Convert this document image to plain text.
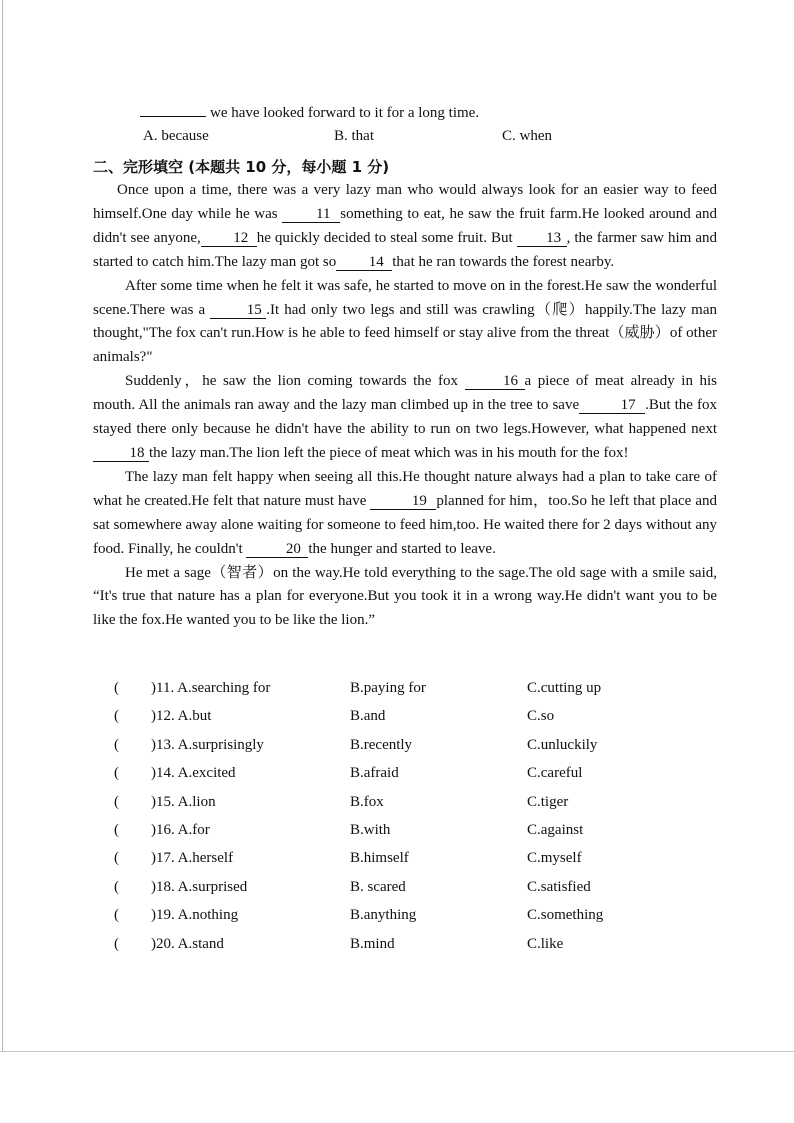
we have looked forward to it for a long time.
A. because	B. that	C. when
二、完形填空 (本题共 10 分，每小题 1 分)

Once upon a time, there was a very lazy man who would always look for an easier way to feed himself.One day while he was	11 something to eat, he saw the fruit farm.He looked around and didn't see anyone, 12 he quickly decided to steal some fruit. But 13 , the farmer saw him and started to catch him.The lazy man got so 14 that he ran towards the forest nearby.

After some time when he felt it was safe, he started to move on in the forest.He saw the wonderful scene.There was a	15 .It had only two legs and still was crawling（爬）happily.The lazy man thought,"The fox can't run.How is he able to feed himself or stay alive from the threat（威胁）of other animals?"

Suddenly，he saw the lion coming towards the fox	16 a piece of meat already in his mouth. All the animals ran away and the lazy man climbed up in the tree to save	17 .But the fox stayed there only because he didn't have the ability to run on two legs.However, what happened next 18 the lazy man.The lion left the piece of meat which was in his mouth for the fox!

The lazy man felt happy when seeing all this.He thought nature always had a plan to take care of what he created.He felt that nature must have	19 planned for him，too.So he left that place and sat somewhere away alone waiting for someone to feed him,too. He waited there for 2 days without any food. Finally, he couldn't	20 the hunger and started to leave.

He met a sage（智者）on the way.He told everything to the sage.The old sage with a smile said, “It's true that nature has a plan for everyone.But you took it in a wrong way.He didn't want you to be like the fox.He wanted you to be like the lion.”

( )11. A.searching for	B.paying for	C.cutting up
( )12. A.but	B.and	C.so
( )13. A.surprisingly	B.recently	C.unluckily
( )14. A.excited	B.afraid	C.careful
( )15. A.lion	B.fox	C.tiger
( )16. A.for	B.with	C.against
( )17. A.herself	B.himself	C.myself
( )18. A.surprised	B. scared	C.satisfied
( )19. A.nothing	B.anything	C.something
( )20. A.stand	B.mind	C.like
